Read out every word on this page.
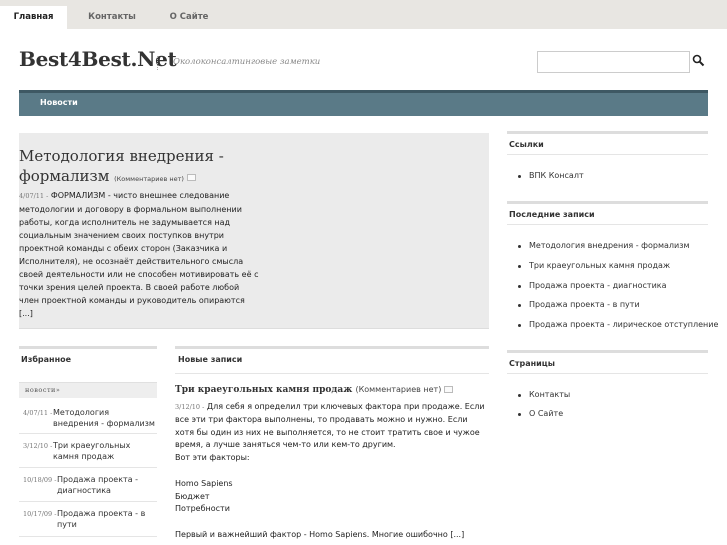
Главная	Контакты	О Сайте
Best4Best.Net
Околоконсалтинговые заметки
Новости
Методология внедрения - формализм (Комментариев нет)
4/07/11 - ФОРМАЛИЗМ - чисто внешнее следование методологии и договору в формальном выполнении работы, когда исполнитель не задумывается над социальным значением своих поступков внутри проектной команды с обеих сторон (Заказчика и Исполнителя), не осознаёт действительного смысла своей деятельности или не способен мотивировать её с точки зрения целей проекта. В своей работе любой член проектной команды и руководитель опираются [...]
Избранное
новости»
4/07/11 - Методология внедрения - формализм
3/12/10 - Три краеугольных камня продаж
10/18/09 - Продажа проекта - диагностика
10/17/09 - Продажа проекта - в пути
Новые записи
Три краеугольных камня продаж (Комментариев нет)

3/12/10 - Для себя я определил три ключевых фактора при продаже. Если все эти три фактора выполнены, то продавать можно и нужно. Если хотя бы один из них не выполняется, то не стоит тратить свое и чужое время, а лучше заняться чем-то или кем-то другим.
Вот эти факторы:

Homo Sapiens
Бюджет
Потребности

Первый и важнейший фактор - Homo Sapiens. Многие ошибочно [...]

Ссылки
ВПК Консалт
Последние записи
Методология внедрения - формализм
Три краеугольных камня продаж
Продажа проекта - диагностика
Продажа проекта - в пути
Продажа проекта - лирическое отступление
Страницы
Контакты
О Сайте
